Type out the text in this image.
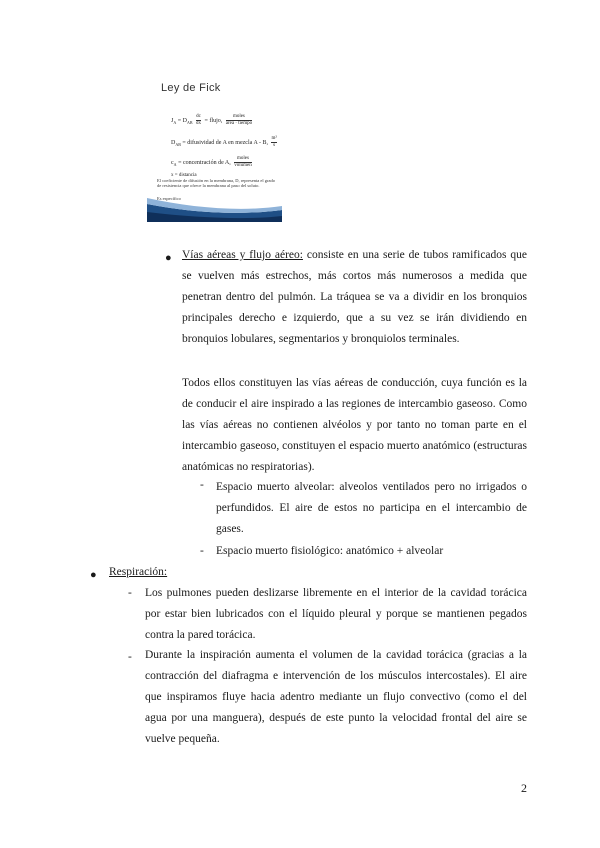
Ley de Fick
$J_A = D_{AB} \frac{dc}{dx}$ = flujo, $\frac{\text{moles}}{\text{área · tiempo}}$
$D_{AB}$ = difusividad de A en mezcla A - B, $\frac{\text{m²}}{s}$
$c_A$ = concentración de A, $\frac{\text{moles}}{\text{volumen}}$
x = distancia
El coeficiente de difusión en la membrana, D, representa el grado de resistencia que ofrece la membrana al paso del soluto.
Es específico
● Vías aéreas y flujo aéreo: consiste en una serie de tubos ramificados que se vuelven más estrechos, más cortos más numerosos a medida que penetran dentro del pulmón. La tráquea se va a dividir en los bronquios principales derecho e izquierdo, que a su vez se irán dividiendo en bronquios lobulares, segmentarios y bronquiolos terminales.
Todos ellos constituyen las vías aéreas de conducción, cuya función es la de conducir el aire inspirado a las regiones de intercambio gaseoso. Como las vías aéreas no contienen alvéolos y por tanto no toman parte en el intercambio gaseoso, constituyen el espacio muerto anatómico (estructuras anatómicas no respiratorias).
- Espacio muerto alveolar: alveolos ventilados pero no irrigados o perfundidos. El aire de estos no participa en el intercambio de gases.
- Espacio muerto fisiológico: anatómico + alveolar
● Respiración:
- Los pulmones pueden deslizarse libremente en el interior de la cavidad torácica por estar bien lubricados con el líquido pleural y porque se mantienen pegados contra la pared torácica.
- Durante la inspiración aumenta el volumen de la cavidad torácica (gracias a la contracción del diafragma e intervención de los músculos intercostales). El aire que inspiramos fluye hacia adentro mediante un flujo convectivo (como el del agua por una manguera), después de este punto la velocidad frontal del aire se vuelve pequeña.
2
